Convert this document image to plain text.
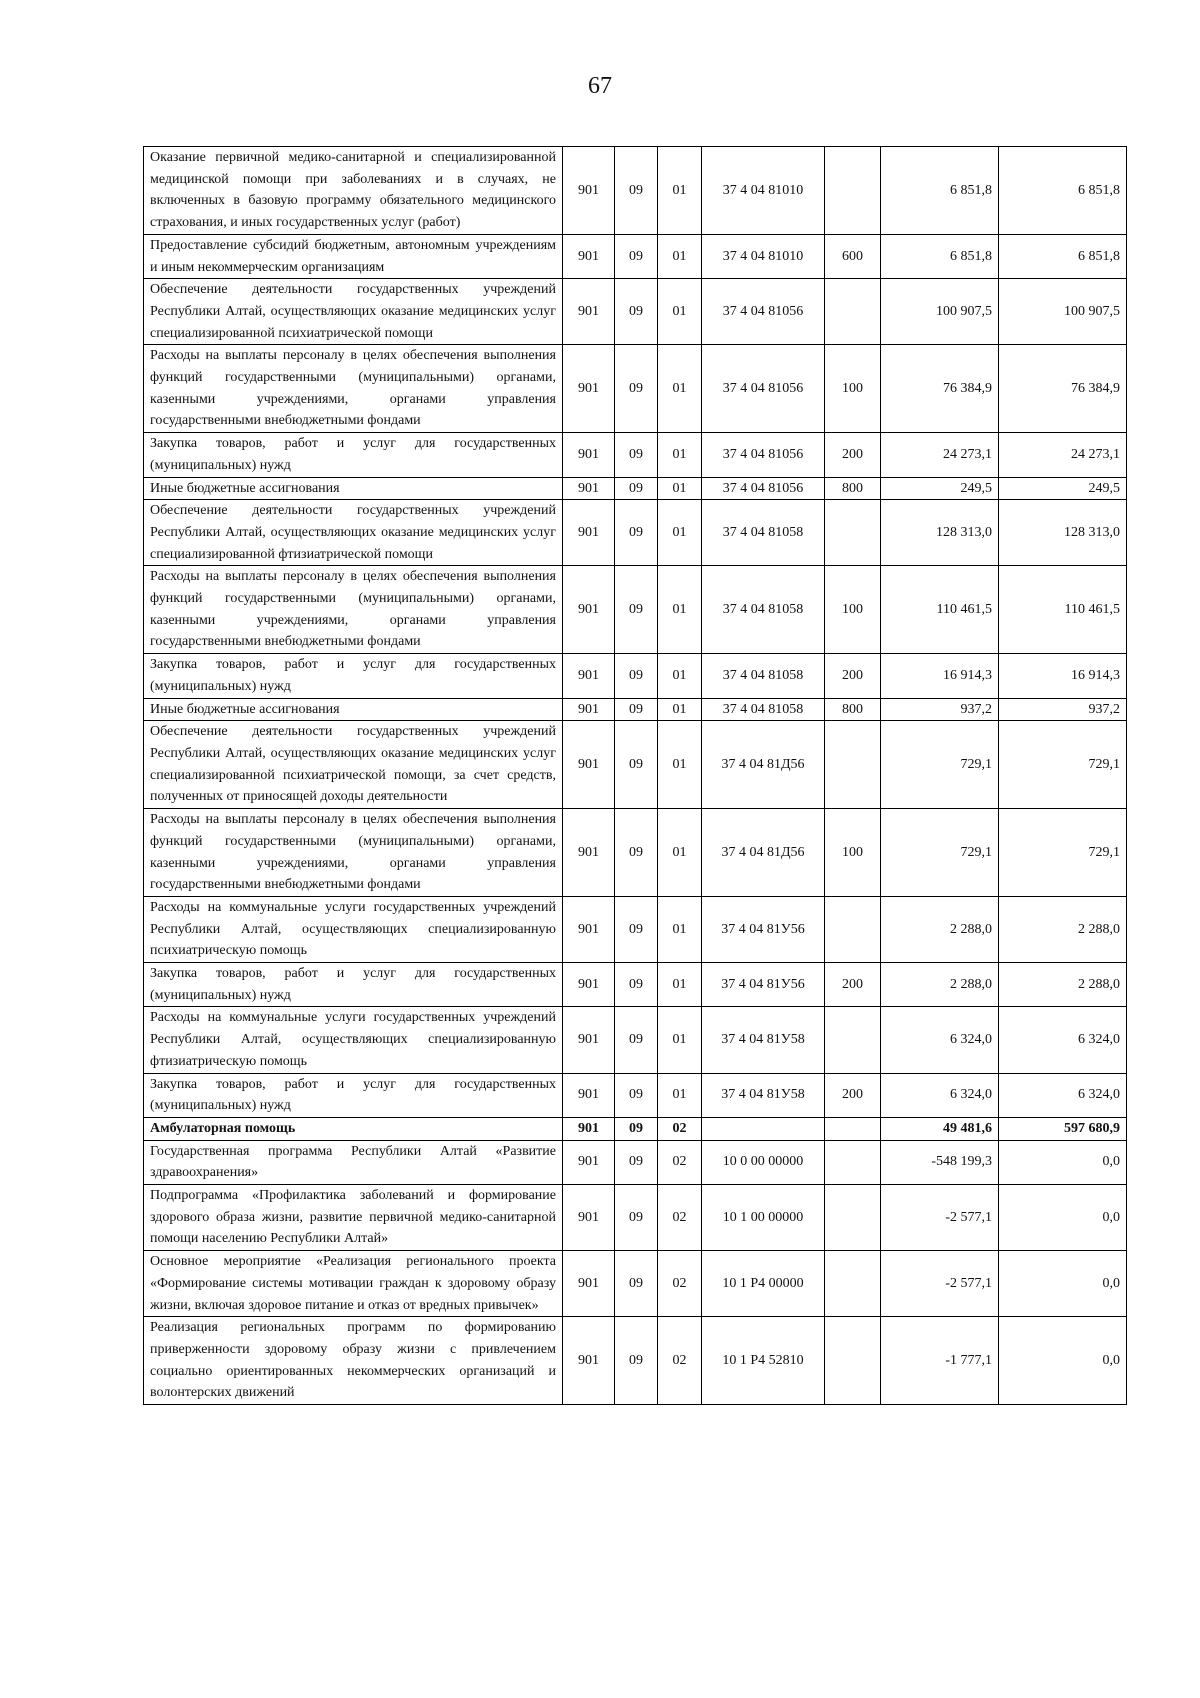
67
Оказание первичной медико-санитарной и специализированной медицинской помощи при заболеваниях и в случаях, не включенных в базовую программу обязательного медицинского страхования, и иных государственных услуг (работ)	901	09	01	37 4 04 81010		6 851,8	6 851,8
Предоставление субсидий бюджетным, автономным учреждениям и иным некоммерческим организациям	901	09	01	37 4 04 81010	600	6 851,8	6 851,8
Обеспечение деятельности государственных учреждений Республики Алтай, осуществляющих оказание медицинских услуг специализированной психиатрической помощи	901	09	01	37 4 04 81056		100 907,5	100 907,5
Расходы на выплаты персоналу в целях обеспечения выполнения функций государственными (муниципальными) органами, казенными учреждениями, органами управления государственными внебюджетными фондами	901	09	01	37 4 04 81056	100	76 384,9	76 384,9
Закупка товаров, работ и услуг для государственных (муниципальных) нужд	901	09	01	37 4 04 81056	200	24 273,1	24 273,1
Иные бюджетные ассигнования	901	09	01	37 4 04 81056	800	249,5	249,5
Обеспечение деятельности государственных учреждений Республики Алтай, осуществляющих оказание медицинских услуг специализированной фтизиатрической помощи	901	09	01	37 4 04 81058		128 313,0	128 313,0
Расходы на выплаты персоналу в целях обеспечения выполнения функций государственными (муниципальными) органами, казенными учреждениями, органами управления государственными внебюджетными фондами	901	09	01	37 4 04 81058	100	110 461,5	110 461,5
Закупка товаров, работ и услуг для государственных (муниципальных) нужд	901	09	01	37 4 04 81058	200	16 914,3	16 914,3
Иные бюджетные ассигнования	901	09	01	37 4 04 81058	800	937,2	937,2
Обеспечение деятельности государственных учреждений Республики Алтай, осуществляющих оказание медицинских услуг специализированной психиатрической помощи, за счет средств, полученных от приносящей доходы деятельности	901	09	01	37 4 04 81Д56		729,1	729,1
Расходы на выплаты персоналу в целях обеспечения выполнения функций государственными (муниципальными) органами, казенными учреждениями, органами управления государственными внебюджетными фондами	901	09	01	37 4 04 81Д56	100	729,1	729,1
Расходы на коммунальные услуги государственных учреждений Республики Алтай, осуществляющих специализированную психиатрическую помощь	901	09	01	37 4 04 81У56		2 288,0	2 288,0
Закупка товаров, работ и услуг для государственных (муниципальных) нужд	901	09	01	37 4 04 81У56	200	2 288,0	2 288,0
Расходы на коммунальные услуги государственных учреждений Республики Алтай, осуществляющих специализированную фтизиатрическую помощь	901	09	01	37 4 04 81У58		6 324,0	6 324,0
Закупка товаров, работ и услуг для государственных (муниципальных) нужд	901	09	01	37 4 04 81У58	200	6 324,0	6 324,0
Амбулаторная помощь	901	09	02			49 481,6	597 680,9
Государственная программа Республики Алтай «Развитие здравоохранения»	901	09	02	10 0 00 00000		-548 199,3	0,0
Подпрограмма «Профилактика заболеваний и формирование здорового образа жизни, развитие первичной медико-санитарной помощи населению Республики Алтай»	901	09	02	10 1 00 00000		-2 577,1	0,0
Основное мероприятие «Реализация регионального проекта «Формирование системы мотивации граждан к здоровому образу жизни, включая здоровое питание и отказ от вредных привычек»	901	09	02	10 1 P4 00000		-2 577,1	0,0
Реализация региональных программ по формированию приверженности здоровому образу жизни с привлечением социально ориентированных некоммерческих организаций и волонтерских движений	901	09	02	10 1 P4 52810		-1 777,1	0,0
